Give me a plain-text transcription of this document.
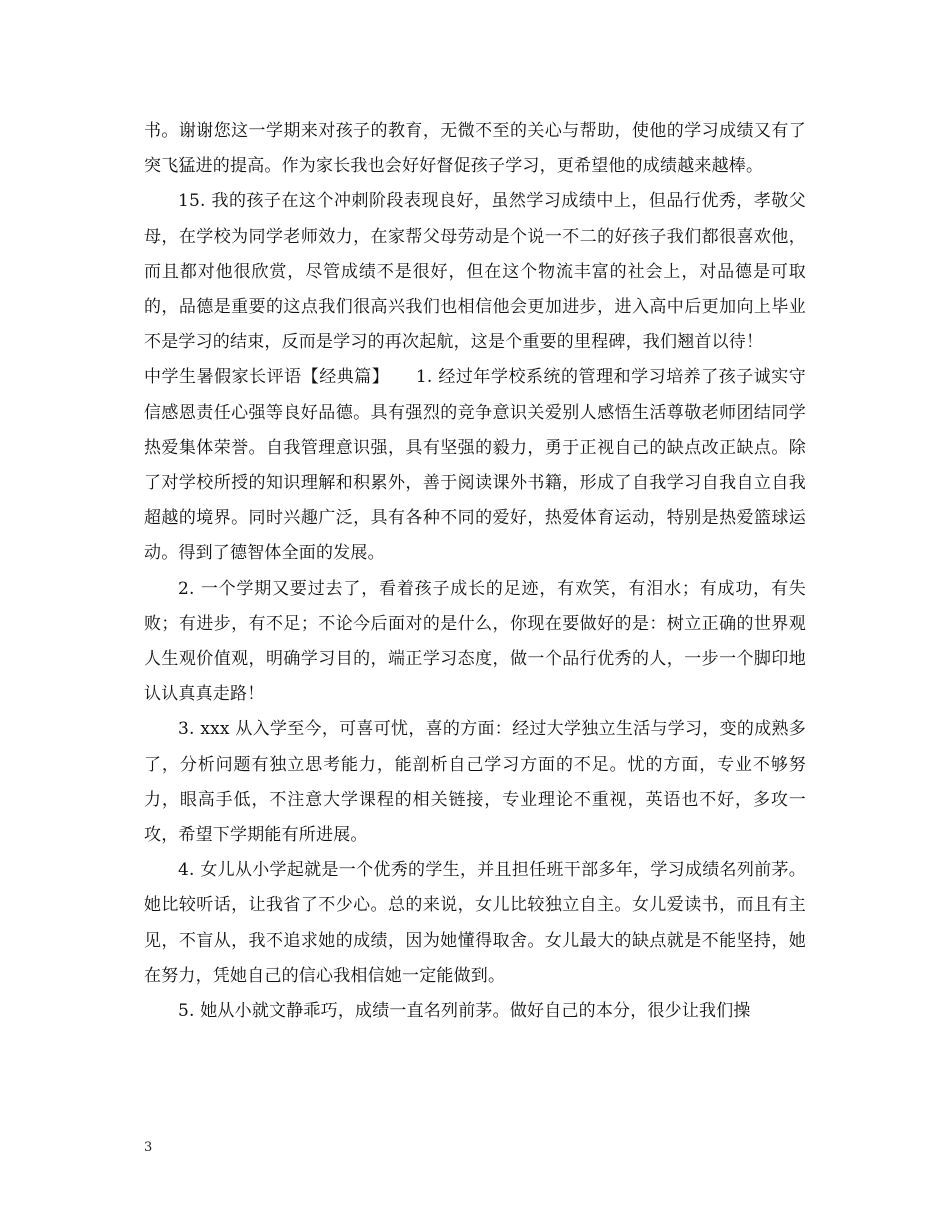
书。谢谢您这一学期来对孩子的教育，无微不至的关心与帮助，使他的学习成绩又有了突飞猛进的提高。作为家长我也会好好督促孩子学习，更希望他的成绩越来越棒。

15. 我的孩子在这个冲刺阶段表现良好，虽然学习成绩中上，但品行优秀，孝敬父母，在学校为同学老师效力，在家帮父母劳动是个说一不二的好孩子我们都很喜欢他，而且都对他很欣赏，尽管成绩不是很好，但在这个物流丰富的社会上，对品德是可取的，品德是重要的这点我们很高兴我们也相信他会更加进步，进入高中后更加向上毕业不是学习的结束，反而是学习的再次起航，这是个重要的里程碑，我们翘首以待！

中学生暑假家长评语【经典篇】　　1. 经过年学校系统的管理和学习培养了孩子诚实守信感恩责任心强等良好品德。具有强烈的竞争意识关爱别人感悟生活尊敬老师团结同学热爱集体荣誉。自我管理意识强，具有坚强的毅力，勇于正视自己的缺点改正缺点。除了对学校所授的知识理解和积累外，善于阅读课外书籍，形成了自我学习自我自立自我超越的境界。同时兴趣广泛，具有各种不同的爱好，热爱体育运动，特别是热爱篮球运动。得到了德智体全面的发展。

2. 一个学期又要过去了，看着孩子成长的足迹，有欢笑，有泪水；有成功，有失败；有进步，有不足；不论今后面对的是什么，你现在要做好的是：树立正确的世界观人生观价值观，明确学习目的，端正学习态度，做一个品行优秀的人，一步一个脚印地认认真真走路！

3. xxx 从入学至今，可喜可忧，喜的方面：经过大学独立生活与学习，变的成熟多了，分析问题有独立思考能力，能剖析自己学习方面的不足。忧的方面，专业不够努力，眼高手低，不注意大学课程的相关链接，专业理论不重视，英语也不好，多攻一攻，希望下学期能有所进展。

4. 女儿从小学起就是一个优秀的学生，并且担任班干部多年，学习成绩名列前茅。她比较听话，让我省了不少心。总的来说，女儿比较独立自主。女儿爱读书，而且有主见，不盲从，我不追求她的成绩，因为她懂得取舍。女儿最大的缺点就是不能坚持，她在努力，凭她自己的信心我相信她一定能做到。

5. 她从小就文静乖巧，成绩一直名列前茅。做好自己的本分，很少让我们操

3
